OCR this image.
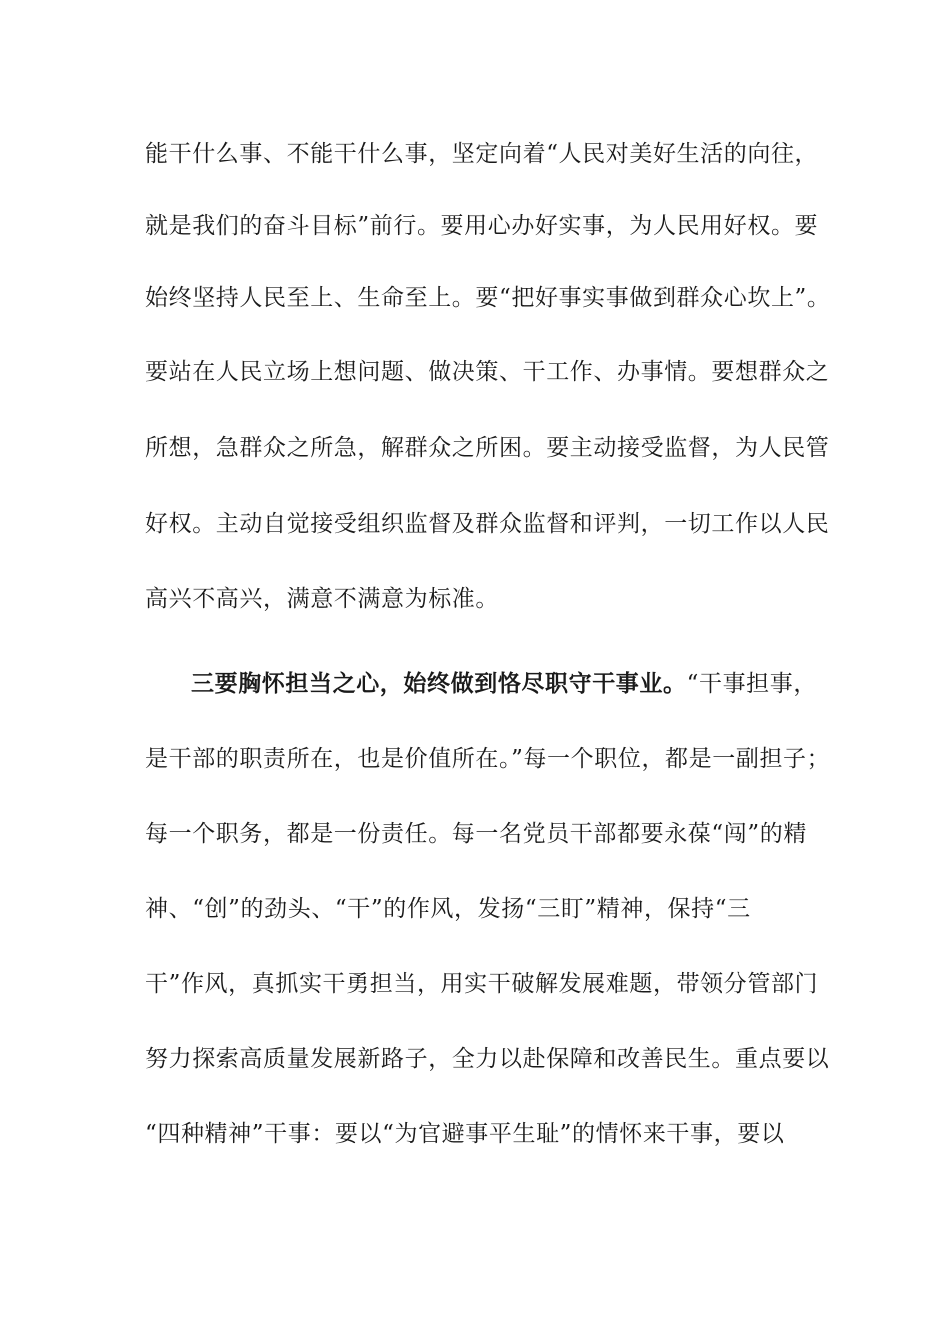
能干什么事、不能干什么事，坚定向着“人民对美好生活的向往，
就是我们的奋斗目标”前行。要用心办好实事，为人民用好权。要
始终坚持人民至上、生命至上。要“把好事实事做到群众心坎上”。
要站在人民立场上想问题、做决策、干工作、办事情。要想群众之
所想，急群众之所急，解群众之所困。要主动接受监督，为人民管
好权。主动自觉接受组织监督及群众监督和评判，一切工作以人民
高兴不高兴，满意不满意为标准。
三要胸怀担当之心，始终做到恪尽职守干事业。“干事担事，
是干部的职责所在，也是价值所在。”每一个职位，都是一副担子；
每一个职务，都是一份责任。每一名党员干部都要永葆“闯”的精
神、“创”的劲头、“干”的作风，发扬“三盯”精神，保持“三
干”作风，真抓实干勇担当，用实干破解发展难题，带领分管部门
努力探索高质量发展新路子，全力以赴保障和改善民生。重点要以
“四种精神”干事：要以“为官避事平生耻”的情怀来干事，要以
